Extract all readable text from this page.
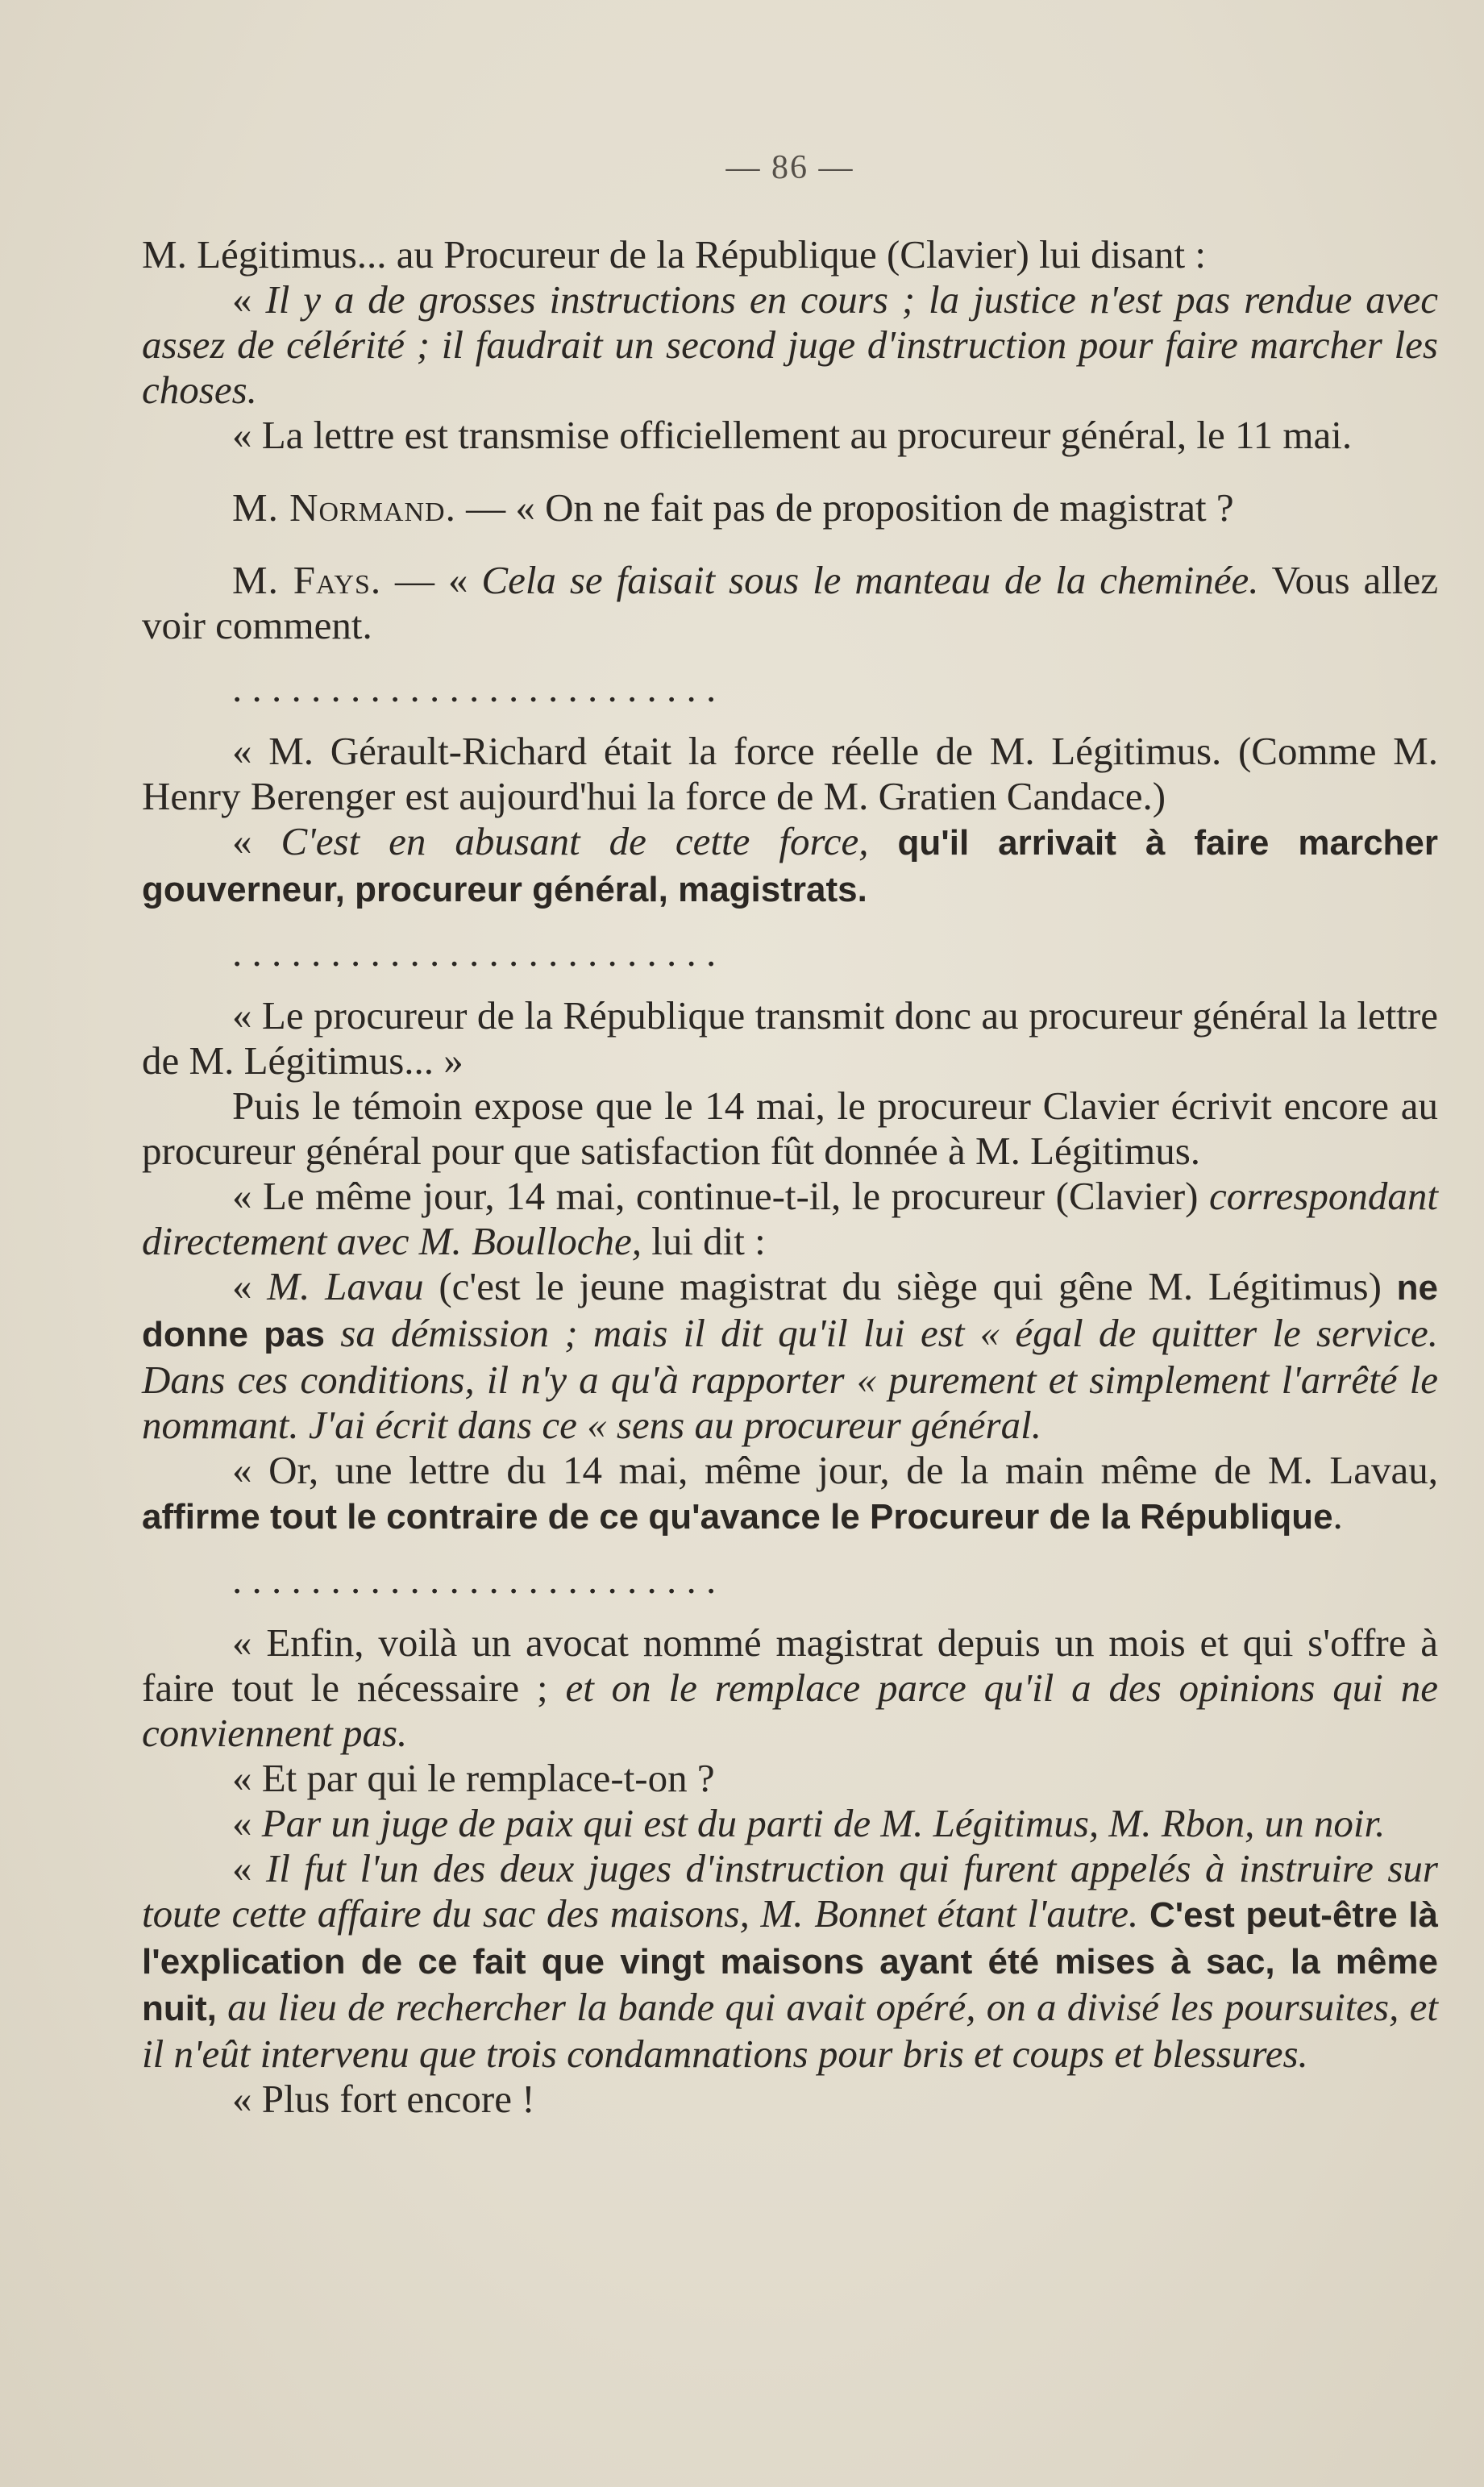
— 86 —

M. Légitimus... au Procureur de la République (Clavier) lui disant :

« Il y a de grosses instructions en cours ; la justice n'est pas rendue avec assez de célérité ; il faudrait un second juge d'instruction pour faire marcher les choses.

« La lettre est transmise officiellement au procureur général, le 11 mai.

M. Normand. — « On ne fait pas de proposition de magistrat ?

M. Fays. — « Cela se faisait sous le manteau de la cheminée. Vous allez voir comment.

. . . . . . . . . . . . . . . . . . . . . . . . .

« M. Gérault-Richard était la force réelle de M. Légitimus. (Comme M. Henry Berenger est aujourd'hui la force de M. Gratien Candace.)

« C'est en abusant de cette force, qu'il arrivait à faire marcher gouverneur, procureur général, magistrats.

. . . . . . . . . . . . . . . . . . . . . . . . .

« Le procureur de la République transmit donc au procureur général la lettre de M. Légitimus... »

Puis le témoin expose que le 14 mai, le procureur Clavier écrivit encore au procureur général pour que satisfaction fût donnée à M. Légitimus.

« Le même jour, 14 mai, continue-t-il, le procureur (Clavier) correspondant directement avec M. Boulloche, lui dit :

« M. Lavau (c'est le jeune magistrat du siège qui gêne M. Légitimus) ne donne pas sa démission ; mais il dit qu'il lui est « égal de quitter le service. Dans ces conditions, il n'y a qu'à rapporter « purement et simplement l'arrêté le nommant. J'ai écrit dans ce « sens au procureur général.

« Or, une lettre du 14 mai, même jour, de la main même de M. Lavau, affirme tout le contraire de ce qu'avance le Procureur de la République.

. . . . . . . . . . . . . . . . . . . . . . . . .

« Enfin, voilà un avocat nommé magistrat depuis un mois et qui s'offre à faire tout le nécessaire ; et on le remplace parce qu'il a des opinions qui ne conviennent pas.

« Et par qui le remplace-t-on ?

« Par un juge de paix qui est du parti de M. Légitimus, M. Rbon, un noir.

« Il fut l'un des deux juges d'instruction qui furent appelés à instruire sur toute cette affaire du sac des maisons, M. Bonnet étant l'autre. C'est peut-être là l'explication de ce fait que vingt maisons ayant été mises à sac, la même nuit, au lieu de rechercher la bande qui avait opéré, on a divisé les poursuites, et il n'eût intervenu que trois condamnations pour bris et coups et blessures.

« Plus fort encore !
